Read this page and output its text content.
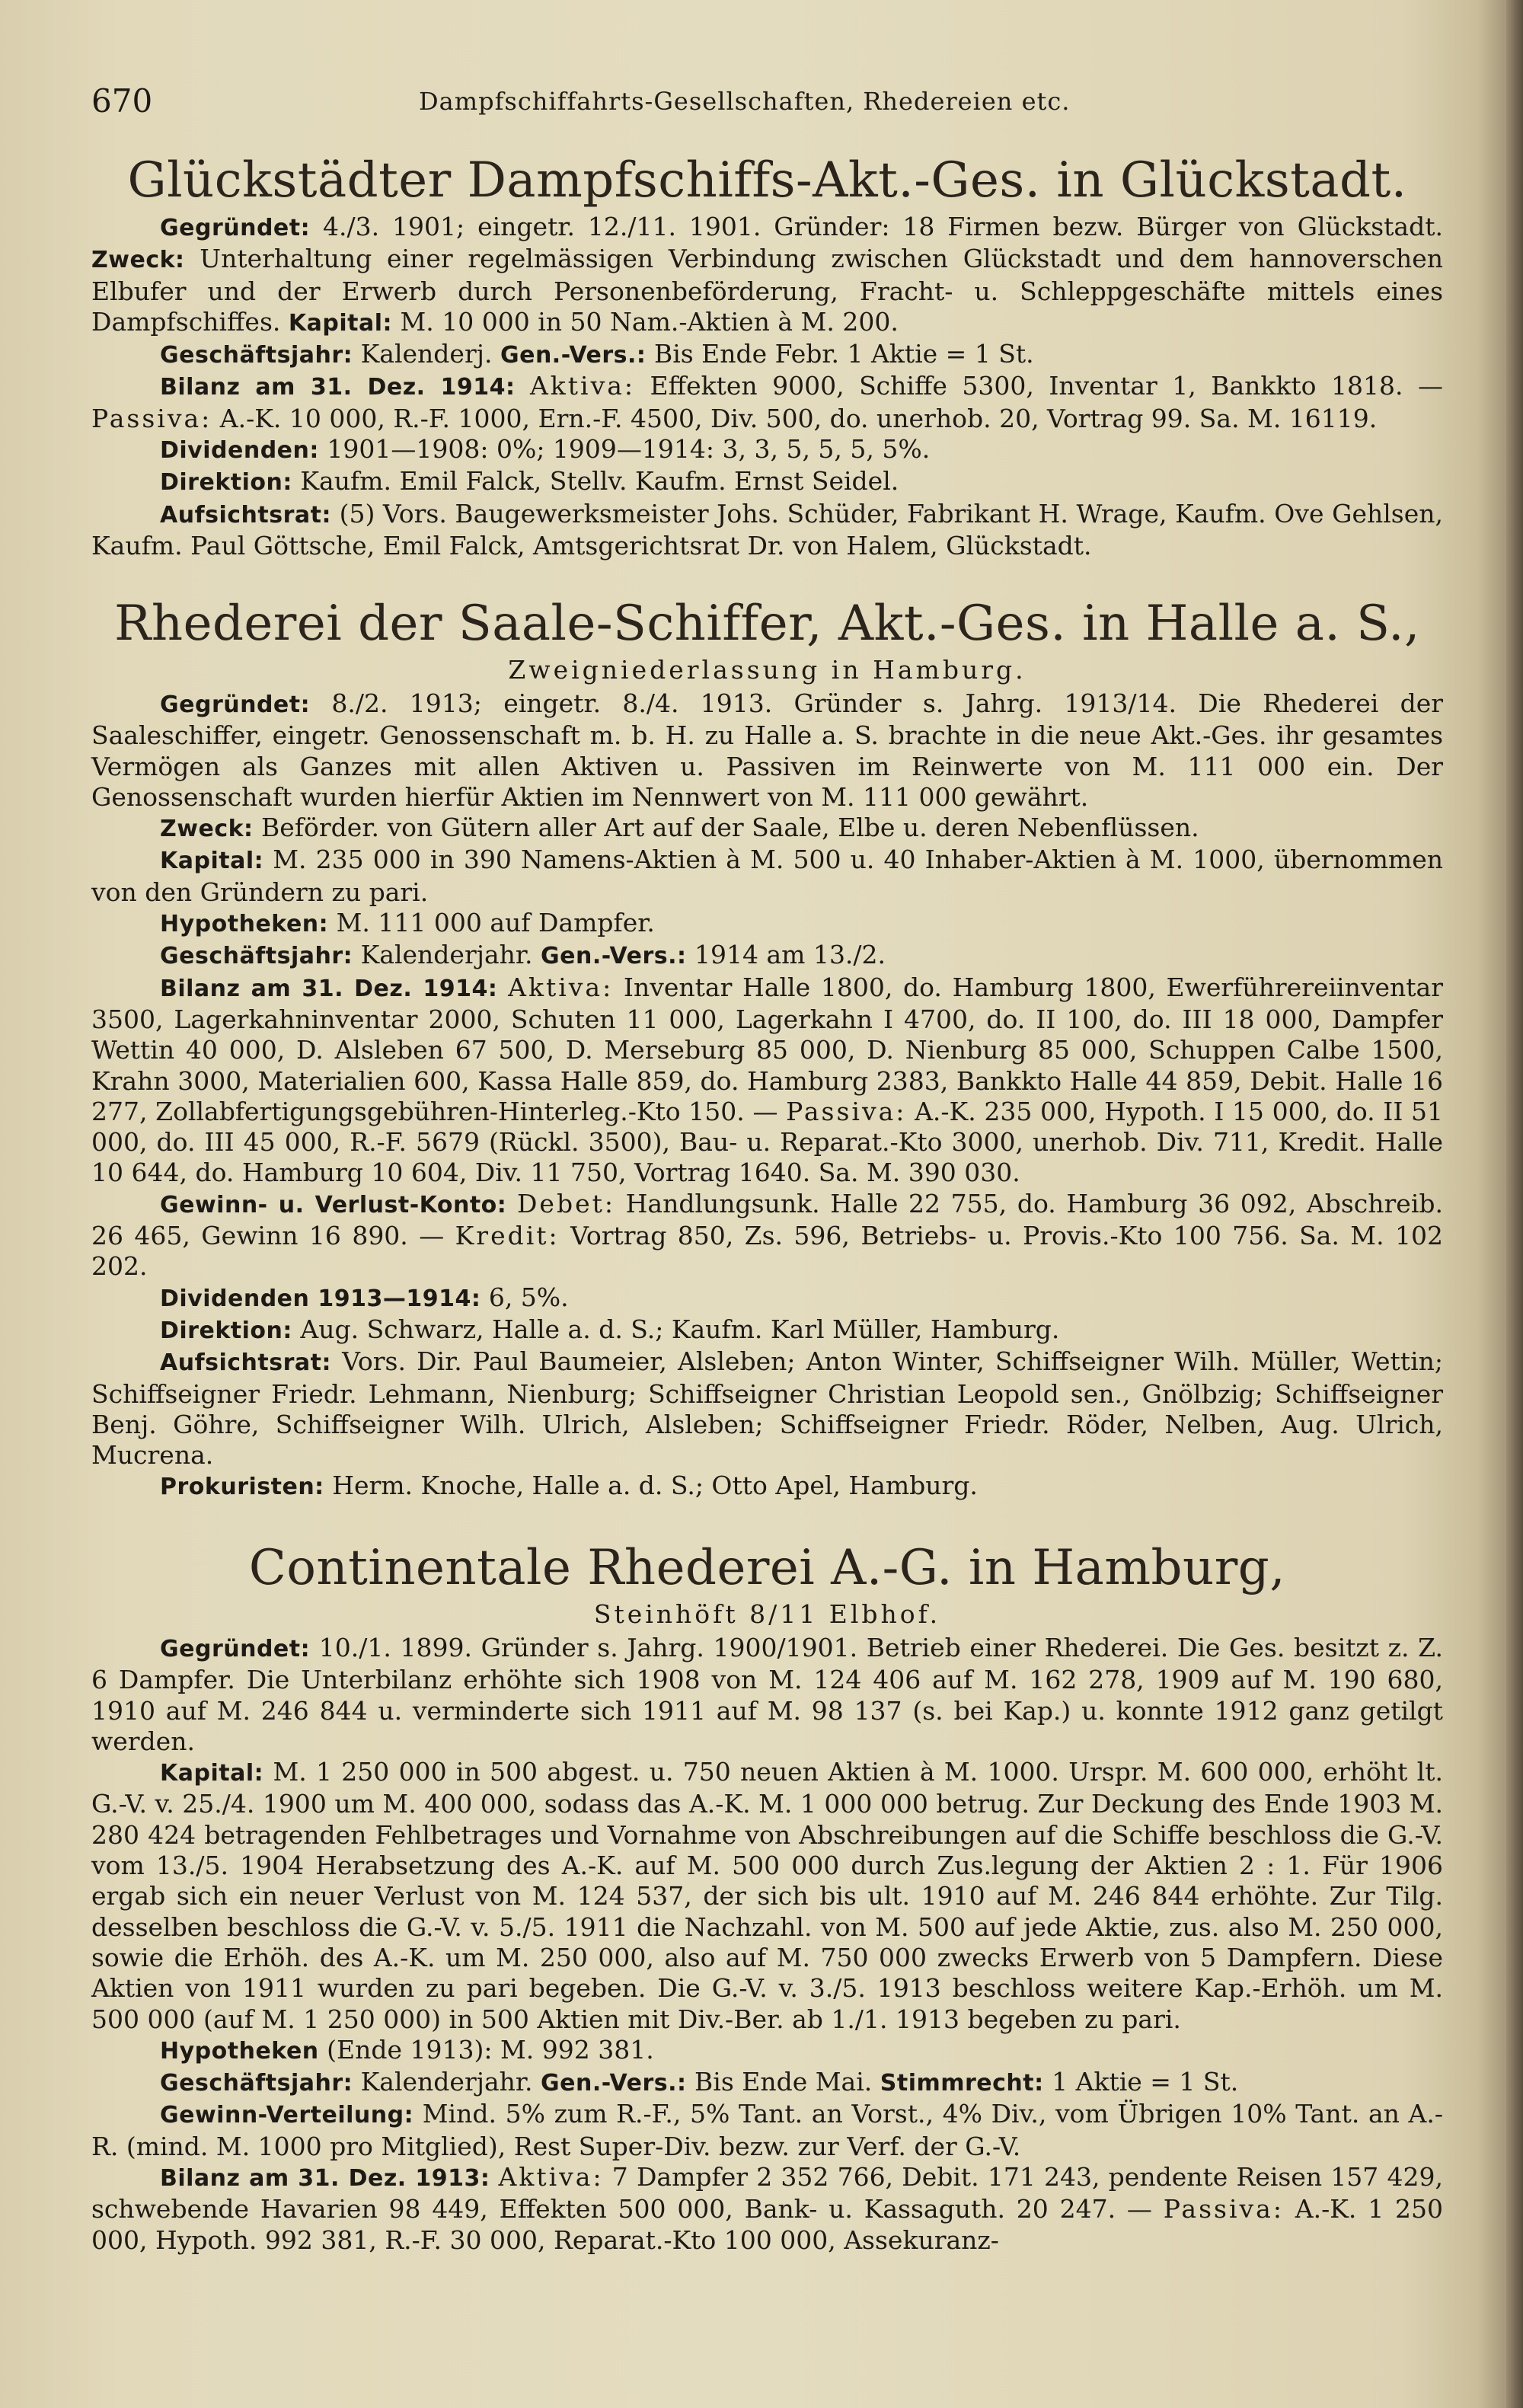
670	Dampfschiffahrts-Gesellschaften, Rhedereien etc.
Glückstädter Dampfschiffs-Akt.-Ges. in Glückstadt.

Gegründet: 4./3. 1901; eingetr. 12./11. 1901. Gründer: 18 Firmen bezw. Bürger von Glückstadt. Zweck: Unterhaltung einer regelmässigen Verbindung zwischen Glückstadt und dem hannoverschen Elbufer und der Erwerb durch Personenbeförderung, Fracht- u. Schleppgeschäfte mittels eines Dampfschiffes. Kapital: M. 10 000 in 50 Nam.-Aktien à M. 200.

Geschäftsjahr: Kalenderj. Gen.-Vers.: Bis Ende Febr. 1 Aktie = 1 St.

Bilanz am 31. Dez. 1914: Aktiva: Effekten 9000, Schiffe 5300, Inventar 1, Bankkto 1818. — Passiva: A.-K. 10 000, R.-F. 1000, Ern.-F. 4500, Div. 500, do. unerhob. 20, Vortrag 99. Sa. M. 16119.

Dividenden: 1901—1908: 0%; 1909—1914: 3, 3, 5, 5, 5, 5%.

Direktion: Kaufm. Emil Falck, Stellv. Kaufm. Ernst Seidel.

Aufsichtsrat: (5) Vors. Baugewerksmeister Johs. Schüder, Fabrikant H. Wrage, Kaufm. Ove Gehlsen, Kaufm. Paul Göttsche, Emil Falck, Amtsgerichtsrat Dr. von Halem, Glückstadt.

Rhederei der Saale-Schiffer, Akt.-Ges. in Halle a. S.,
Zweigniederlassung in Hamburg.

Gegründet: 8./2. 1913; eingetr. 8./4. 1913. Gründer s. Jahrg. 1913/14. Die Rhederei der Saaleschiffer, eingetr. Genossenschaft m. b. H. zu Halle a. S. brachte in die neue Akt.-Ges. ihr gesamtes Vermögen als Ganzes mit allen Aktiven u. Passiven im Reinwerte von M. 111 000 ein. Der Genossenschaft wurden hierfür Aktien im Nennwert von M. 111 000 gewährt.

Zweck: Beförder. von Gütern aller Art auf der Saale, Elbe u. deren Nebenflüssen.

Kapital: M. 235 000 in 390 Namens-Aktien à M. 500 u. 40 Inhaber-Aktien à M. 1000, übernommen von den Gründern zu pari.

Hypotheken: M. 111 000 auf Dampfer.

Geschäftsjahr: Kalenderjahr. Gen.-Vers.: 1914 am 13./2.

Bilanz am 31. Dez. 1914: Aktiva: Inventar Halle 1800, do. Hamburg 1800, Ewerführereiinventar 3500, Lagerkahninventar 2000, Schuten 11 000, Lagerkahn I 4700, do. II 100, do. III 18 000, Dampfer Wettin 40 000, D. Alsleben 67 500, D. Merseburg 85 000, D. Nienburg 85 000, Schuppen Calbe 1500, Krahn 3000, Materialien 600, Kassa Halle 859, do. Hamburg 2383, Bankkto Halle 44 859, Debit. Halle 16 277, Zollabfertigungsgebühren-Hinterleg.-Kto 150. — Passiva: A.-K. 235 000, Hypoth. I 15 000, do. II 51 000, do. III 45 000, R.-F. 5679 (Rückl. 3500), Bau- u. Reparat.-Kto 3000, unerhob. Div. 711, Kredit. Halle 10 644, do. Hamburg 10 604, Div. 11 750, Vortrag 1640. Sa. M. 390 030.

Gewinn- u. Verlust-Konto: Debet: Handlungsunk. Halle 22 755, do. Hamburg 36 092, Abschreib. 26 465, Gewinn 16 890. — Kredit: Vortrag 850, Zs. 596, Betriebs- u. Provis.-Kto 100 756. Sa. M. 102 202.

Dividenden 1913—1914: 6, 5%.

Direktion: Aug. Schwarz, Halle a. d. S.; Kaufm. Karl Müller, Hamburg.

Aufsichtsrat: Vors. Dir. Paul Baumeier, Alsleben; Anton Winter, Schiffseigner Wilh. Müller, Wettin; Schiffseigner Friedr. Lehmann, Nienburg; Schiffseigner Christian Leopold sen., Gnölbzig; Schiffseigner Benj. Göhre, Schiffseigner Wilh. Ulrich, Alsleben; Schiffseigner Friedr. Röder, Nelben, Aug. Ulrich, Mucrena.

Prokuristen: Herm. Knoche, Halle a. d. S.; Otto Apel, Hamburg.

Continentale Rhederei A.-G. in Hamburg,
Steinhöft 8/11 Elbhof.

Gegründet: 10./1. 1899. Gründer s. Jahrg. 1900/1901. Betrieb einer Rhederei. Die Ges. besitzt z. Z. 6 Dampfer. Die Unterbilanz erhöhte sich 1908 von M. 124 406 auf M. 162 278, 1909 auf M. 190 680, 1910 auf M. 246 844 u. verminderte sich 1911 auf M. 98 137 (s. bei Kap.) u. konnte 1912 ganz getilgt werden.

Kapital: M. 1 250 000 in 500 abgest. u. 750 neuen Aktien à M. 1000. Urspr. M. 600 000, erhöht lt. G.-V. v. 25./4. 1900 um M. 400 000, sodass das A.-K. M. 1 000 000 betrug. Zur Deckung des Ende 1903 M. 280 424 betragenden Fehlbetrages und Vornahme von Abschreibungen auf die Schiffe beschloss die G.-V. vom 13./5. 1904 Herabsetzung des A.-K. auf M. 500 000 durch Zus.legung der Aktien 2 : 1. Für 1906 ergab sich ein neuer Verlust von M. 124 537, der sich bis ult. 1910 auf M. 246 844 erhöhte. Zur Tilg. desselben beschloss die G.-V. v. 5./5. 1911 die Nachzahl. von M. 500 auf jede Aktie, zus. also M. 250 000, sowie die Erhöh. des A.-K. um M. 250 000, also auf M. 750 000 zwecks Erwerb von 5 Dampfern. Diese Aktien von 1911 wurden zu pari begeben. Die G.-V. v. 3./5. 1913 beschloss weitere Kap.-Erhöh. um M. 500 000 (auf M. 1 250 000) in 500 Aktien mit Div.-Ber. ab 1./1. 1913 begeben zu pari.

Hypotheken (Ende 1913): M. 992 381.

Geschäftsjahr: Kalenderjahr. Gen.-Vers.: Bis Ende Mai. Stimmrecht: 1 Aktie = 1 St.

Gewinn-Verteilung: Mind. 5% zum R.-F., 5% Tant. an Vorst., 4% Div., vom Übrigen 10% Tant. an A.-R. (mind. M. 1000 pro Mitglied), Rest Super-Div. bezw. zur Verf. der G.-V.

Bilanz am 31. Dez. 1913: Aktiva: 7 Dampfer 2 352 766, Debit. 171 243, pendente Reisen 157 429, schwebende Havarien 98 449, Effekten 500 000, Bank- u. Kassaguth. 20 247. — Passiva: A.-K. 1 250 000, Hypoth. 992 381, R.-F. 30 000, Reparat.-Kto 100 000, Assekuranz-
